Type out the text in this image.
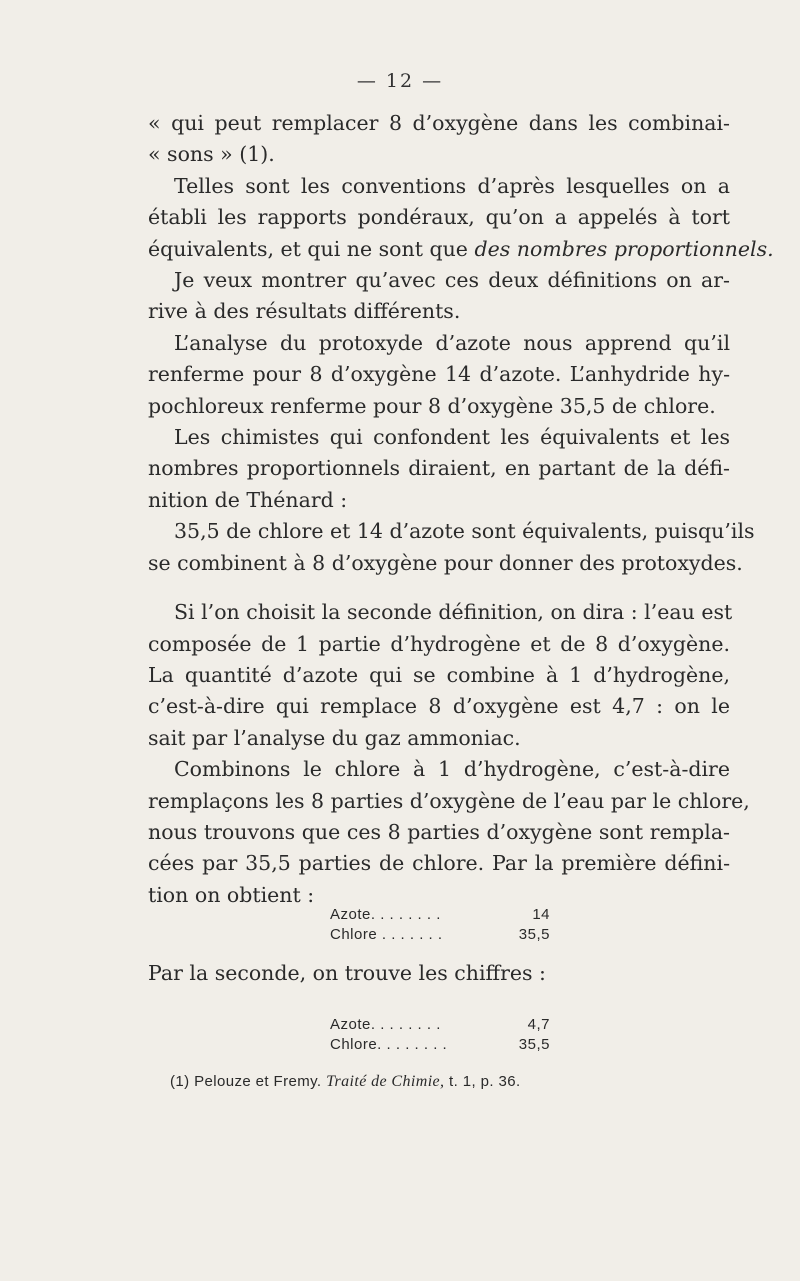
— 12 —
« qui peut remplacer 8 d’oxygène dans les combinai-
« sons » (1).
Telles sont les conventions d’après lesquelles on a
établi les rapports pondéraux, qu’on a appelés à tort
équivalents, et qui ne sont que des nombres proportionnels.
Je veux montrer qu’avec ces deux définitions on ar-
rive à des résultats différents.
L’analyse du protoxyde d’azote nous apprend qu’il
renferme pour 8 d’oxygène 14 d’azote. L’anhydride hy-
pochloreux renferme pour 8 d’oxygène 35,5 de chlore.
Les chimistes qui confondent les équivalents et les
nombres proportionnels diraient, en partant de la défi-
nition de Thénard :
35,5 de chlore et 14 d’azote sont équivalents, puisqu’ils
se combinent à 8 d’oxygène pour donner des protoxydes.
Si l’on choisit la seconde définition, on dira : l’eau est
composée de 1 partie d’hydrogène et de 8 d’oxygène.
La quantité d’azote qui se combine à 1 d’hydrogène,
c’est-à-dire qui remplace 8 d’oxygène est 4,7 : on le
sait par l’analyse du gaz ammoniac.
Combinons le chlore à 1 d’hydrogène, c’est-à-dire
remplaçons les 8 parties d’oxygène de l’eau par le chlore,
nous trouvons que ces 8 parties d’oxygène sont rempla-
cées par 35,5 parties de chlore. Par la première défini-
tion on obtient :
Azote. . . . . . . .	14
Chlore . . . . . . .	35,5
Par la seconde, on trouve les chiffres :
Azote. . . . . . . .	4,7
Chlore. . . . . . . .	35,5
(1) Pelouze et Fremy. Traité de Chimie, t. 1, p. 36.
